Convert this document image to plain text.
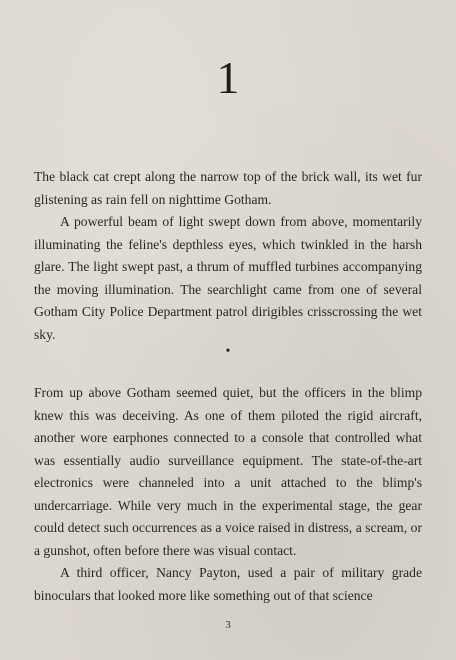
1

The black cat crept along the narrow top of the brick wall, its wet fur glistening as rain fell on nighttime Gotham.

A powerful beam of light swept down from above, momentarily illuminating the feline's depthless eyes, which twinkled in the harsh glare. The light swept past, a thrum of muffled turbines accompanying the moving illumination. The searchlight came from one of several Gotham City Police Department patrol dirigibles crisscrossing the wet sky.

•

From up above Gotham seemed quiet, but the officers in the blimp knew this was deceiving. As one of them piloted the rigid aircraft, another wore earphones connected to a console that controlled what was essentially audio surveillance equipment. The state-of-the-art electronics were channeled into a unit attached to the blimp's undercarriage. While very much in the experimental stage, the gear could detect such occurrences as a voice raised in distress, a scream, or a gunshot, often before there was visual contact.

A third officer, Nancy Payton, used a pair of military grade binoculars that looked more like something out of that science

3
